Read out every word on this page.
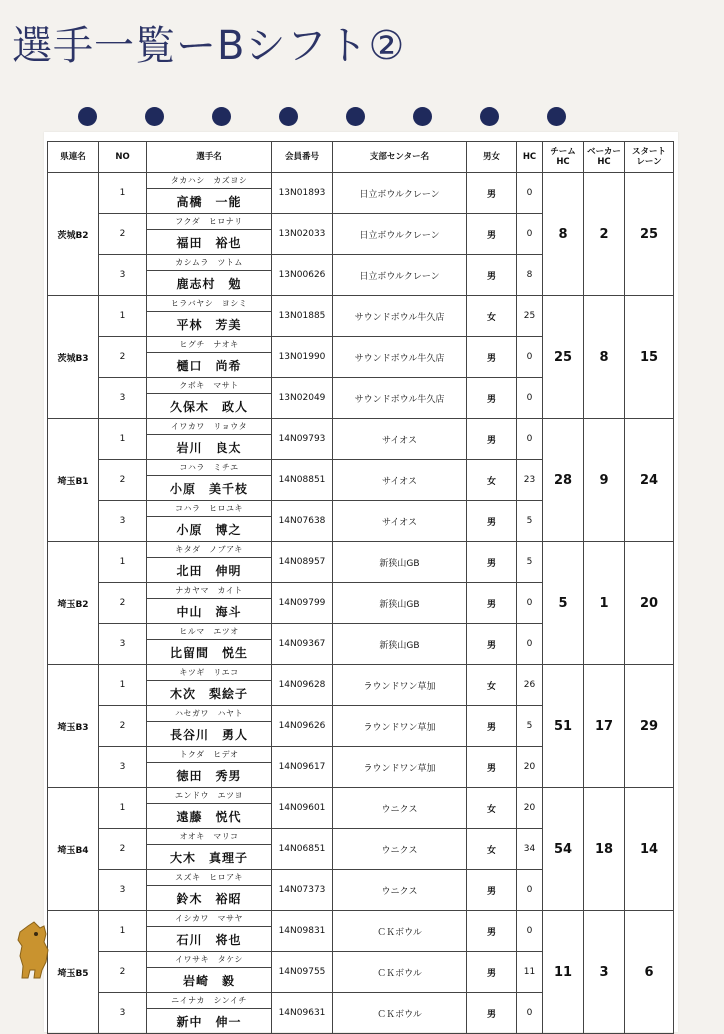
選手一覧ーBシフト②
県連名	NO	選手名	会員番号	支部センター名	男女	HC	チーム
HC	ベーカー
HC	スタート
レーン
茨城B2	1	タカハシ　カズヨシ	13N01893	日立ボウルクレーン	男	0	8	2	25
		高橋　一能							
	2	フクダ　ヒロナリ	13N02033	日立ボウルクレーン	男	0			
		福田　裕也							
	3	カシムラ　ツトム	13N00626	日立ボウルクレーン	男	8			
		鹿志村　勉							
茨城B3	1	ヒラバヤシ　ヨシミ	13N01885	サウンドボウル牛久店	女	25	25	8	15
		平林　芳美							
	2	ヒグチ　ナオキ	13N01990	サウンドボウル牛久店	男	0			
		樋口　尚希							
	3	クボキ　マサト	13N02049	サウンドボウル牛久店	男	0			
		久保木　政人							
埼玉B1	1	イワカワ　リョウタ	14N09793	サイオス	男	0	28	9	24
		岩川　良太							
	2	コハラ　ミチエ	14N08851	サイオス	女	23			
		小原　美千枝							
	3	コハラ　ヒロユキ	14N07638	サイオス	男	5			
		小原　博之							
埼玉B2	1	キタダ　ノブアキ	14N08957	新狭山GB	男	5	5	1	20
		北田　伸明							
	2	ナカヤマ　カイト	14N09799	新狭山GB	男	0			
		中山　海斗							
	3	ヒルマ　エツオ	14N09367	新狭山GB	男	0			
		比留間　悦生							
埼玉B3	1	キツギ　リエコ	14N09628	ラウンドワン草加	女	26	51	17	29
		木次　梨絵子							
	2	ハセガワ　ハヤト	14N09626	ラウンドワン草加	男	5			
		長谷川　勇人							
	3	トクダ　ヒデオ	14N09617	ラウンドワン草加	男	20			
		徳田　秀男							
埼玉B4	1	エンドウ　エツヨ	14N09601	ウニクス	女	20	54	18	14
		遠藤　悦代							
	2	オオキ　マリコ	14N06851	ウニクス	女	34			
		大木　真理子							
	3	スズキ　ヒロアキ	14N07373	ウニクス	男	0			
		鈴木　裕昭							
埼玉B5	1	イシカワ　マサヤ	14N09831	ＣＫボウル	男	0	11	3	6
		石川　将也							
	2	イワサキ　タケシ	14N09755	ＣＫボウル	男	11			
		岩崎　毅							
	3	ニイナカ　シンイチ	14N09631	ＣＫボウル	男	0			
		新中　伸一							
